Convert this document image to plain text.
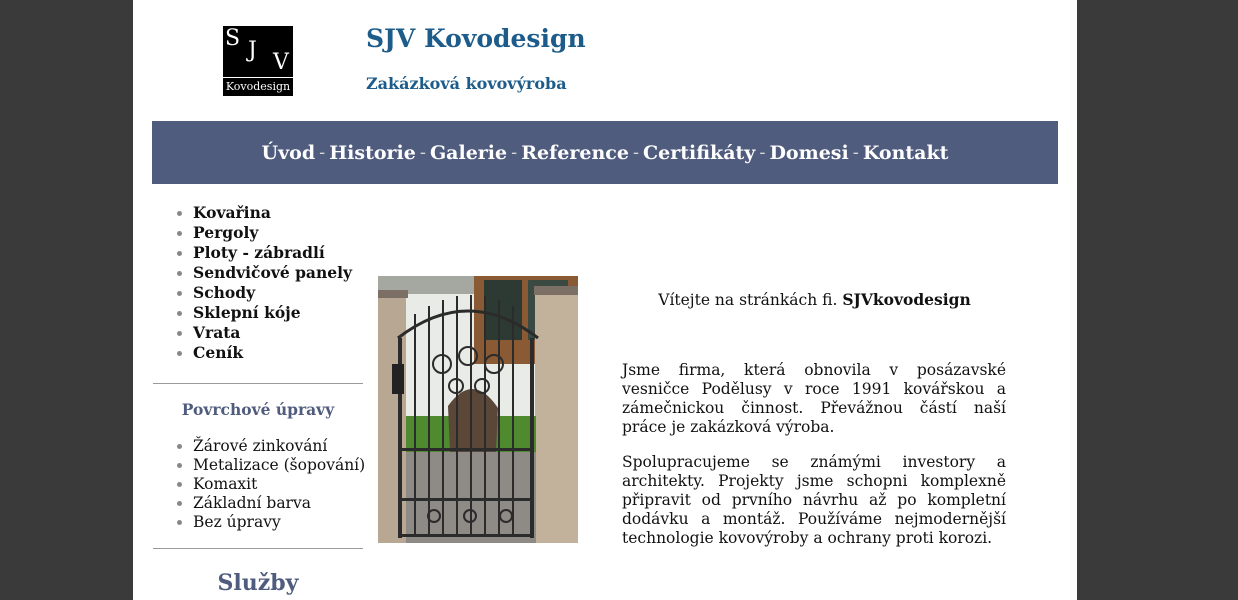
S J V
Kovodesign
SJV Kovodesign
Zakázková kovovýroba
Úvod - Historie - Galerie - Reference - Certifikáty - Domesi - Kontakt
• Kovařina
• Pergoly
• Ploty - zábradlí
• Sendvičové panely
• Schody
• Sklepní kóje
• Vrata
• Ceník
Povrchové úpravy
• Žárové zinkování
• Metalizace (šopování)
• Komaxit
• Základní barva
• Bez úpravy
Služby

Vítejte na stránkách fi. SJVkovodesign

Jsme firma, která obnovila v posázavské vesničce Podělusy v roce 1991 kovářskou a zámečnickou činnost. Převážnou částí naší práce je zakázková výroba.

Spolupracujeme se známými investory a architekty. Projekty jsme schopni komplexně připravit od prvního návrhu až po kompletní dodávku a montáž. Používáme nejmodernější technologie kovovýroby a ochrany proti korozi.
